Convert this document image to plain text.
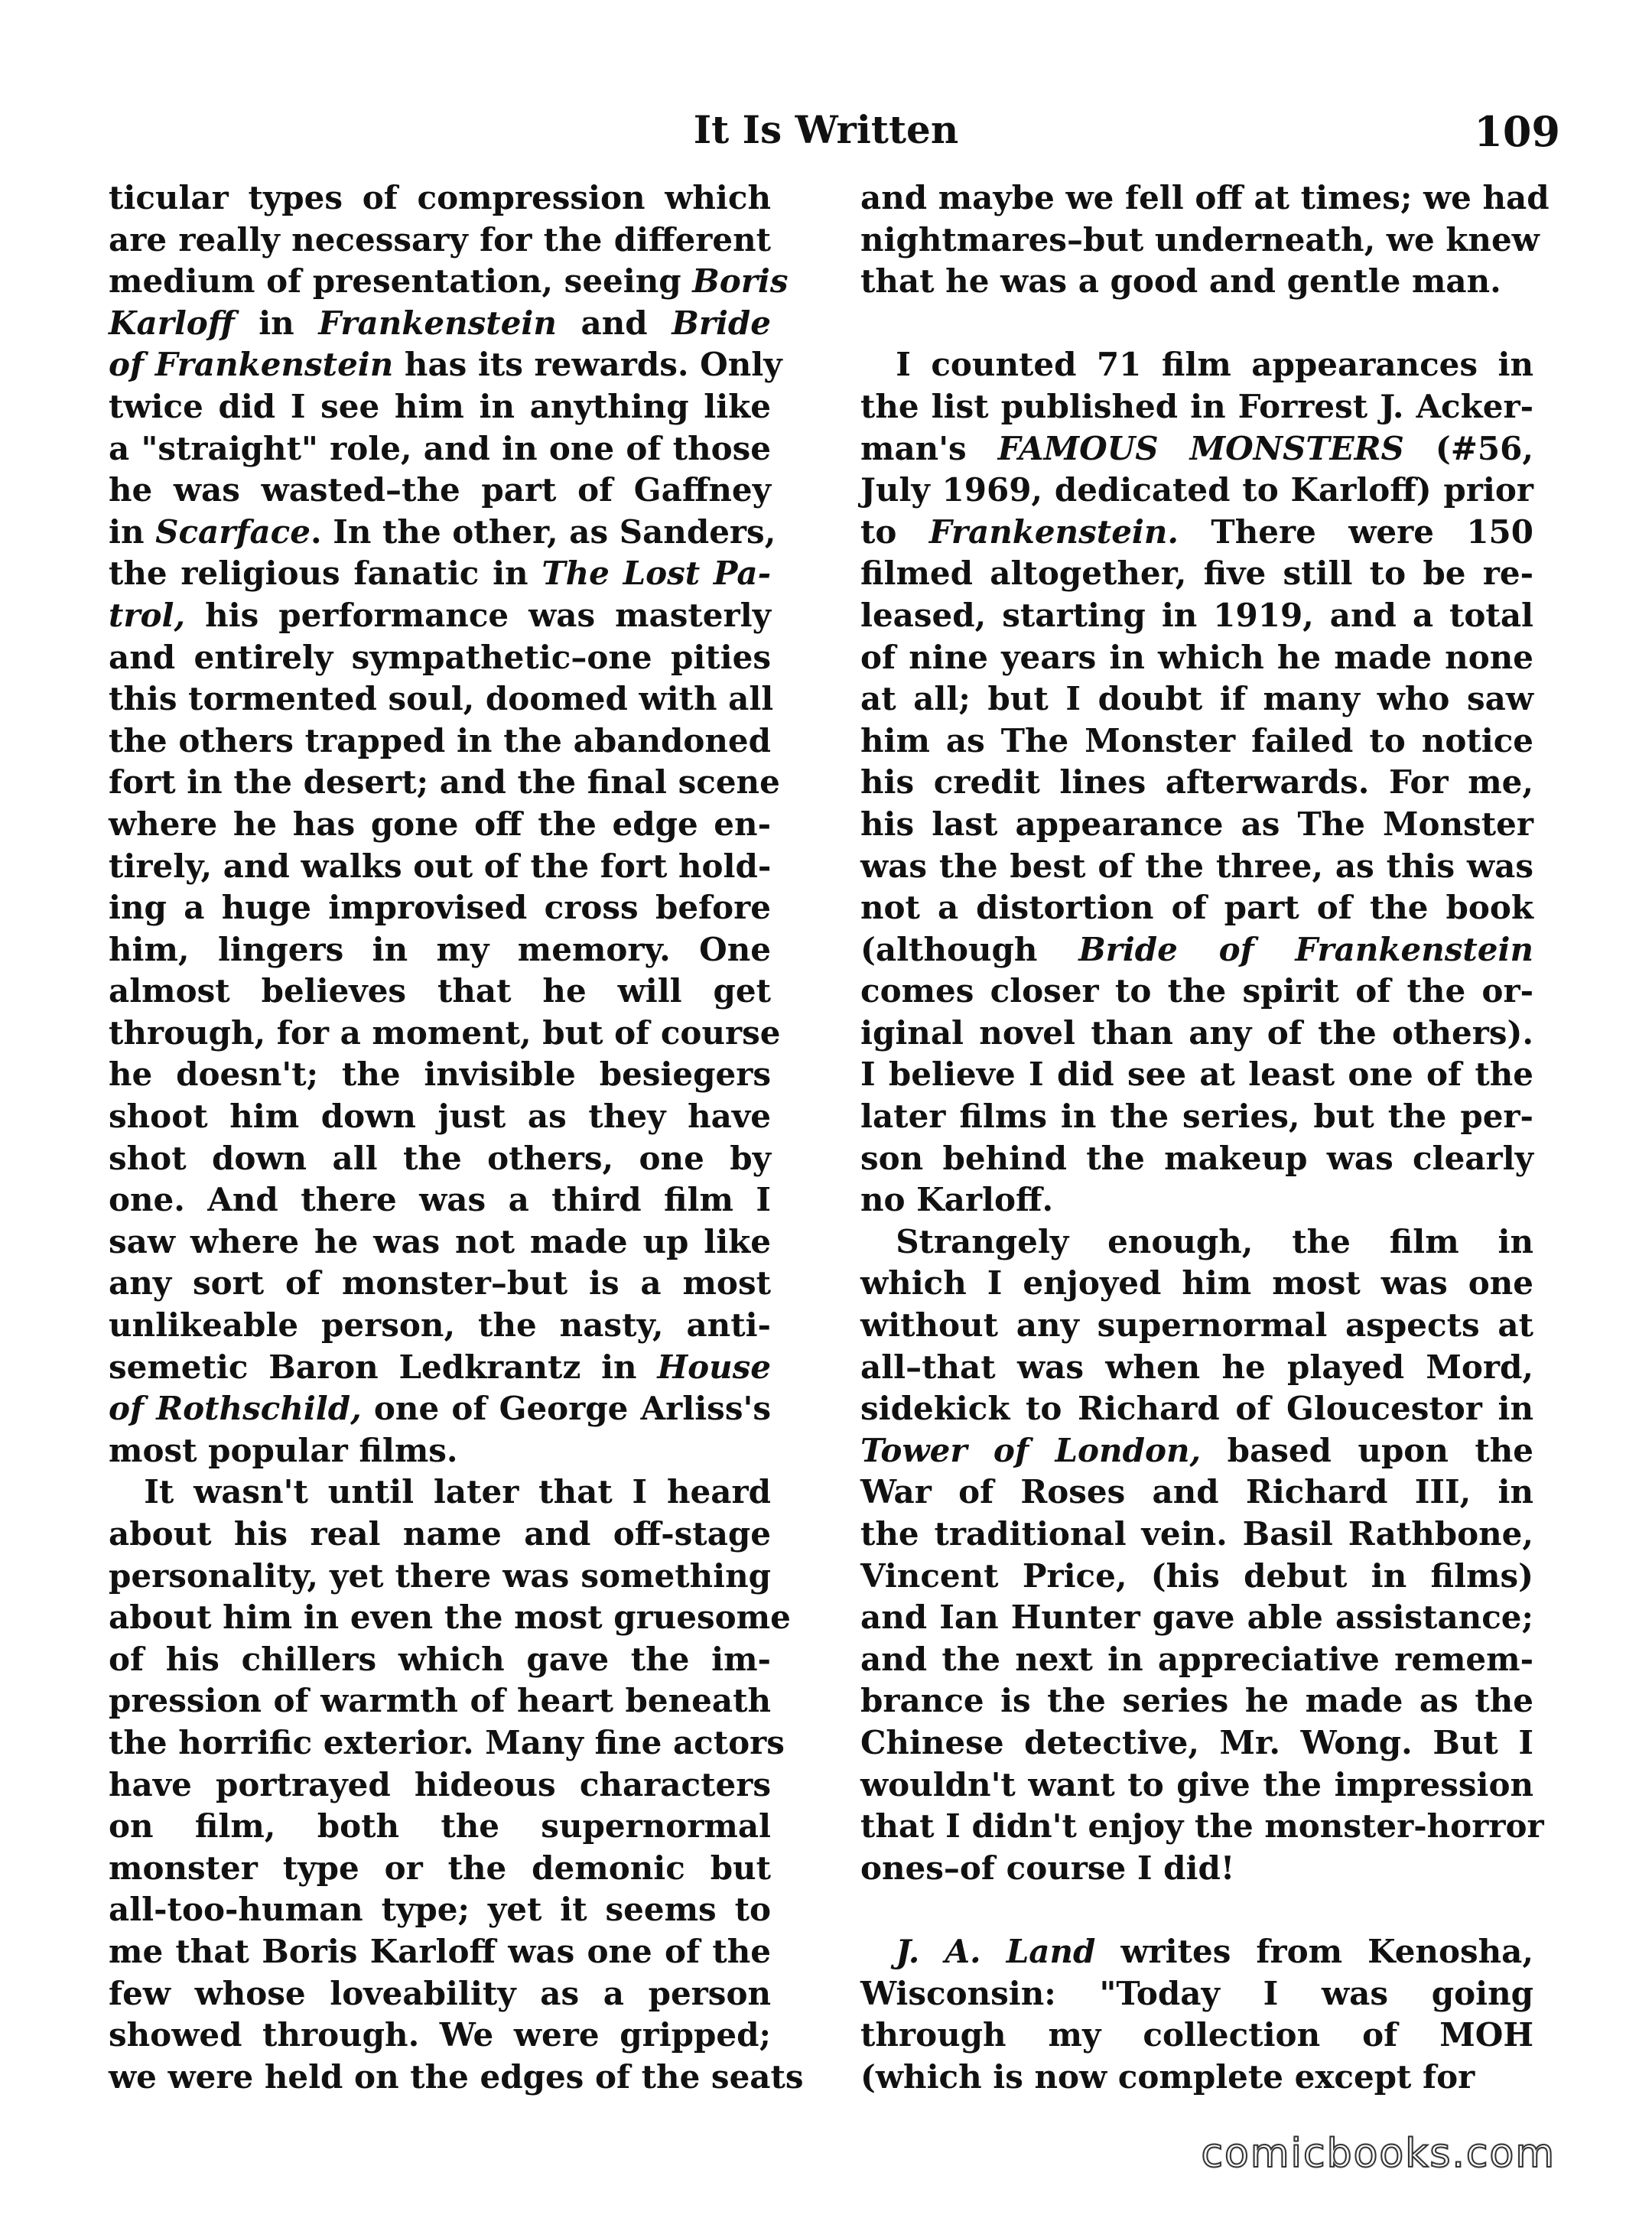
It Is Written	109
ticular types of compression which
are really necessary for the different
medium of presentation, seeing Boris
Karloff in Frankenstein and Bride
of Frankenstein has its rewards. Only
twice did I see him in anything like
a "straight" role, and in one of those
he was wasted–the part of Gaffney
in Scarface. In the other, as Sanders,
the religious fanatic in The Lost Pa-
trol, his performance was masterly
and entirely sympathetic–one pities
this tormented soul, doomed with all
the others trapped in the abandoned
fort in the desert; and the final scene
where he has gone off the edge en-
tirely, and walks out of the fort hold-
ing a huge improvised cross before
him, lingers in my memory. One
almost believes that he will get
through, for a moment, but of course
he doesn't; the invisible besiegers
shoot him down just as they have
shot down all the others, one by
one. And there was a third film I
saw where he was not made up like
any sort of monster–but is a most
unlikeable person, the nasty, anti-
semetic Baron Ledkrantz in House
of Rothschild, one of George Arliss's
most popular films.
It wasn't until later that I heard
about his real name and off-stage
personality, yet there was something
about him in even the most gruesome
of his chillers which gave the im-
pression of warmth of heart beneath
the horrific exterior. Many fine actors
have portrayed hideous characters
on film, both the supernormal
monster type or the demonic but
all-too-human type; yet it seems to
me that Boris Karloff was one of the
few whose loveability as a person
showed through. We were gripped;
we were held on the edges of the seats
and maybe we fell off at times; we had
nightmares–but underneath, we knew
that he was a good and gentle man.
I counted 71 film appearances in
the list published in Forrest J. Acker-
man's FAMOUS MONSTERS (#56,
July 1969, dedicated to Karloff) prior
to Frankenstein. There were 150
filmed altogether, five still to be re-
leased, starting in 1919, and a total
of nine years in which he made none
at all; but I doubt if many who saw
him as The Monster failed to notice
his credit lines afterwards. For me,
his last appearance as The Monster
was the best of the three, as this was
not a distortion of part of the book
(although Bride of Frankenstein
comes closer to the spirit of the or-
iginal novel than any of the others).
I believe I did see at least one of the
later films in the series, but the per-
son behind the makeup was clearly
no Karloff.
Strangely enough, the film in
which I enjoyed him most was one
without any supernormal aspects at
all–that was when he played Mord,
sidekick to Richard of Gloucestor in
Tower of London, based upon the
War of Roses and Richard III, in
the traditional vein. Basil Rathbone,
Vincent Price, (his debut in films)
and Ian Hunter gave able assistance;
and the next in appreciative remem-
brance is the series he made as the
Chinese detective, Mr. Wong. But I
wouldn't want to give the impression
that I didn't enjoy the monster-horror
ones–of course I did!
J. A. Land writes from Kenosha,
Wisconsin: "Today I was going
through my collection of MOH
(which is now complete except for
comicbooks.com
